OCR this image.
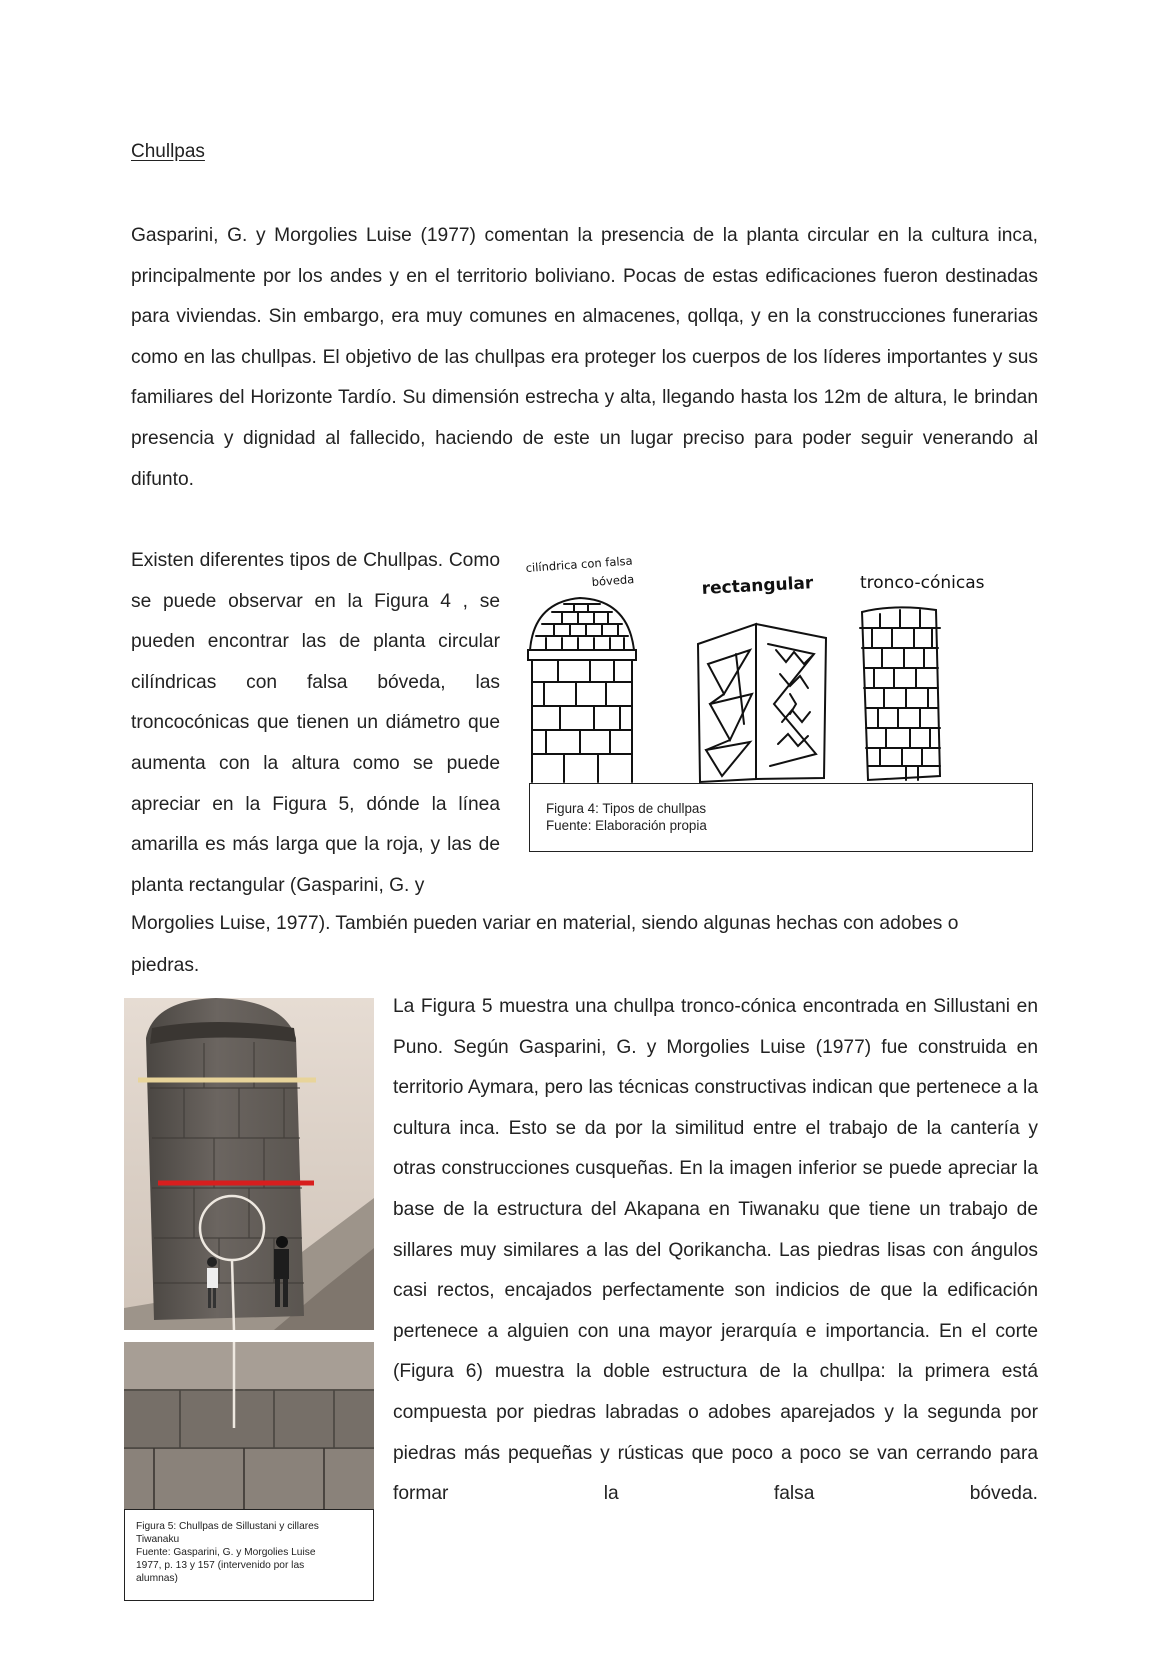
Chullpas

Gasparini, G. y Morgolies Luise (1977) comentan la presencia de la planta circular en la cultura inca, principalmente por los andes y en el territorio boliviano. Pocas de estas edificaciones fueron destinadas para viviendas. Sin embargo, era muy comunes en almacenes, qollqa, y en la construcciones funerarias como en las chullpas. El objetivo de las chullpas era proteger los cuerpos de los líderes importantes y sus familiares del Horizonte Tardío. Su dimensión estrecha y alta, llegando hasta los 12m de altura, le brindan presencia y dignidad al fallecido, haciendo de este un lugar preciso para poder seguir venerando al difunto.

Existen diferentes tipos de Chullpas. Como se puede observar en la Figura 4 , se pueden encontrar las de planta circular cilíndricas con falsa bóveda, las troncocónicas que tienen un diámetro que aumenta con la altura como se puede apreciar en la Figura 5, dónde la línea amarilla es más larga que la roja, y las de planta rectangular (Gasparini, G. y

Morgolies Luise, 1977). También pueden variar en material, siendo algunas hechas con adobes o

piedras.

cilíndrica con falsa
bóveda	rectangular	tronco-cónicas
Figura 4: Tipos de chullpas
Fuente: Elaboración propia
Figura 5: Chullpas de Sillustani y cillares
Tiwanaku
Fuente: Gasparini, G. y Morgolies Luise
1977, p. 13 y 157 (intervenido por las
alumnas)

La Figura 5 muestra una chullpa tronco-cónica encontrada en Sillustani en Puno. Según Gasparini, G. y Morgolies Luise (1977) fue construida en territorio Aymara, pero las técnicas constructivas indican que pertenece a la cultura inca. Esto se da por la similitud entre el trabajo de la cantería y otras construcciones cusqueñas. En la imagen inferior se puede apreciar la base de la estructura del Akapana en Tiwanaku que tiene un trabajo de sillares muy similares a las del Qorikancha. Las piedras lisas con ángulos casi rectos, encajados perfectamente son indicios de que la edificación pertenece a alguien con una mayor jerarquía e importancia. En el corte (Figura 6) muestra la doble estructura de la chullpa: la primera está compuesta por piedras labradas o adobes aparejados y la segunda por piedras más pequeñas y rústicas que poco a poco se van cerrando para formar la falsa bóveda.
